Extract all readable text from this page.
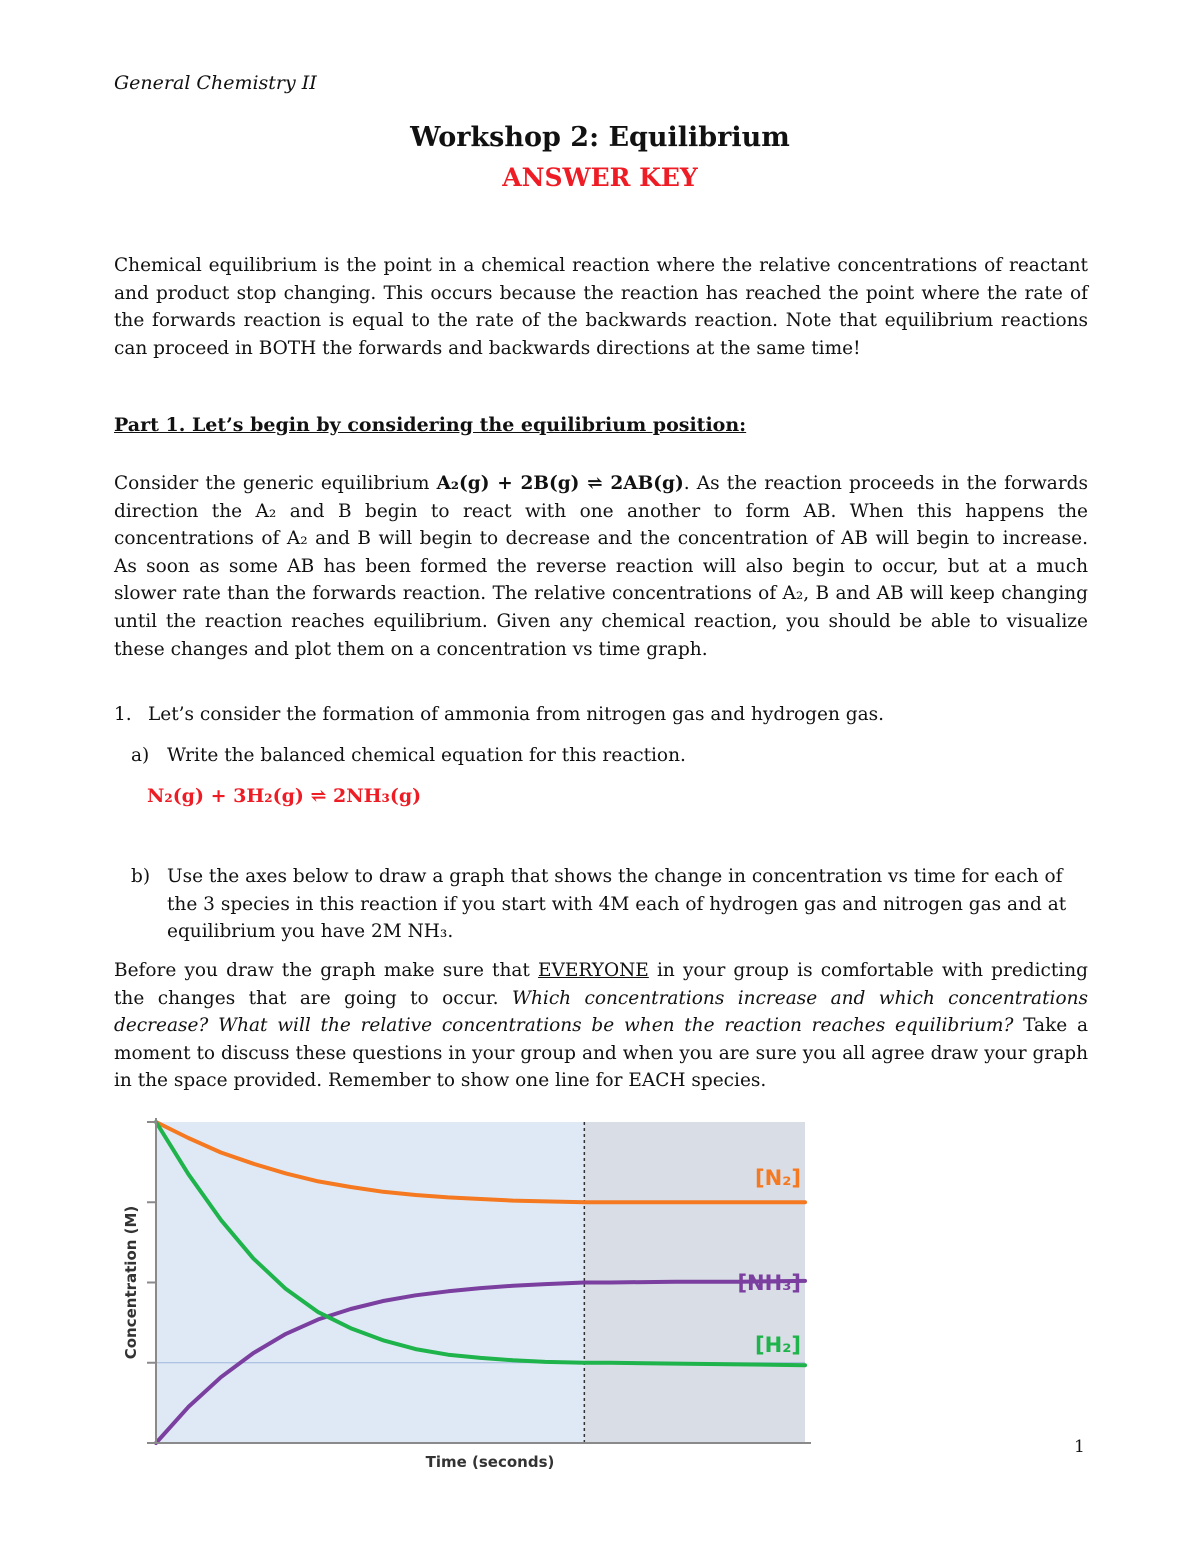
General Chemistry II
Workshop 2: Equilibrium
ANSWER KEY
Chemical equilibrium is the point in a chemical reaction where the relative concentrations of reactant and product stop changing. This occurs because the reaction has reached the point where the rate of the forwards reaction is equal to the rate of the backwards reaction. Note that equilibrium reactions can proceed in BOTH the forwards and backwards directions at the same time!
Part 1. Let’s begin by considering the equilibrium position:
Consider the generic equilibrium A₂(g) + 2B(g) ⇌ 2AB(g). As the reaction proceeds in the forwards direction the A₂ and B begin to react with one another to form AB. When this happens the concentrations of A₂ and B will begin to decrease and the concentration of AB will begin to increase. As soon as some AB has been formed the reverse reaction will also begin to occur, but at a much slower rate than the forwards reaction. The relative concentrations of A₂, B and AB will keep changing until the reaction reaches equilibrium. Given any chemical reaction, you should be able to visualize these changes and plot them on a concentration vs time graph.
1. Let’s consider the formation of ammonia from nitrogen gas and hydrogen gas.
a) Write the balanced chemical equation for this reaction.
N₂(g) + 3H₂(g) ⇌ 2NH₃(g)
b) Use the axes below to draw a graph that shows the change in concentration vs time for each of the 3 species in this reaction if you start with 4M each of hydrogen gas and nitrogen gas and at equilibrium you have 2M NH₃.
Before you draw the graph make sure that EVERYONE in your group is comfortable with predicting the changes that are going to occur. Which concentrations increase and which concentrations decrease? What will the relative concentrations be when the reaction reaches equilibrium? Take a moment to discuss these questions in your group and when you are sure you all agree draw your graph in the space provided. Remember to show one line for EACH species.
Time (seconds)
Concentration (M)
[N₂]
[NH₃]
[H₂]
1
